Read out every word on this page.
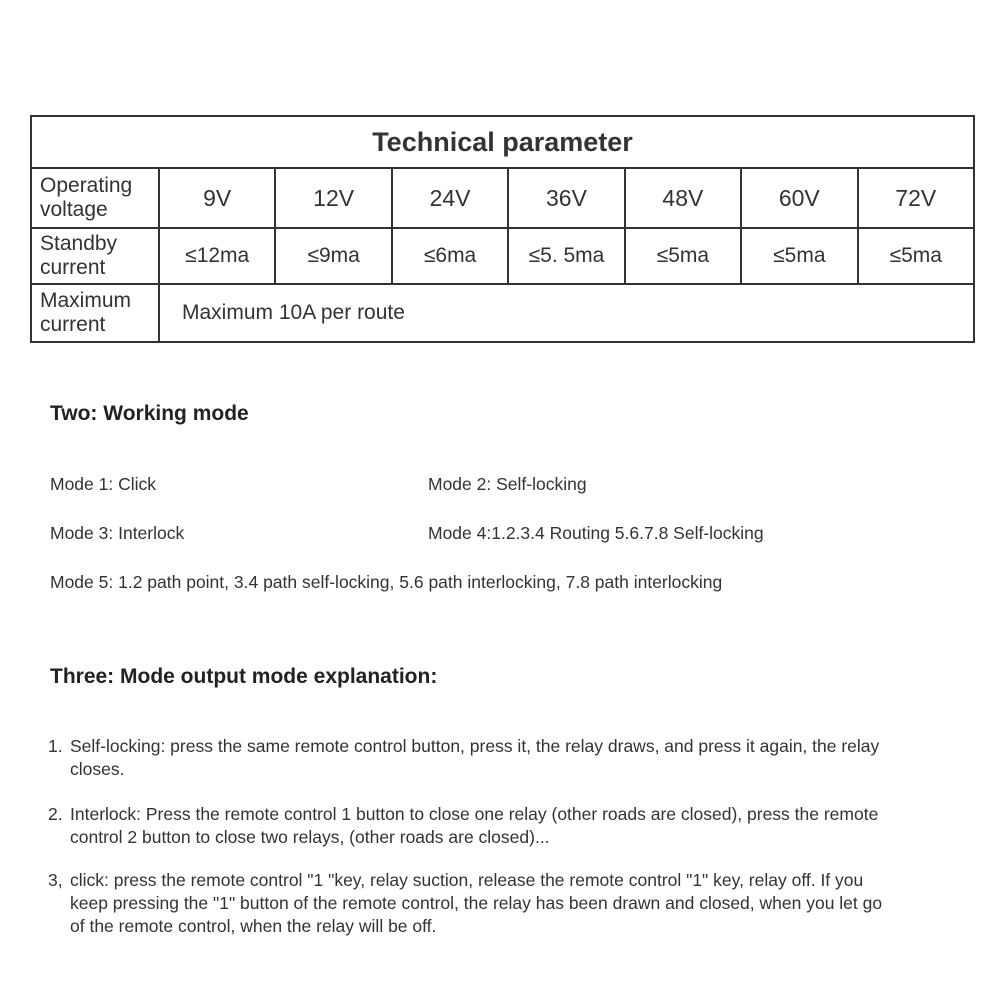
Technical parameter							
Operating
voltage	9V	12V	24V	36V	48V	60V	72V
Standby
current	≤12ma	≤9ma	≤6ma	≤5. 5ma	≤5ma	≤5ma	≤5ma
Maximum
current	Maximum 10A per route						
Two: Working mode
Mode 1: Click	Mode 2: Self-locking
Mode 3: Interlock	Mode 4:1.2.3.4 Routing 5.6.7.8 Self-locking
Mode 5: 1.2 path point, 3.4 path self-locking, 5.6 path interlocking, 7.8 path interlocking
Three: Mode output mode explanation:
1. Self-locking: press the same remote control button, press it, the relay draws, and press it again, the relay closes.
2. Interlock: Press the remote control 1 button to close one relay (other roads are closed), press the remote control 2 button to close two relays, (other roads are closed)...
3, click: press the remote control "1 "key, relay suction, release the remote control "1" key, relay off. If you keep pressing the "1" button of the remote control, the relay has been drawn and closed, when you let go of the remote control, when the relay will be off.
